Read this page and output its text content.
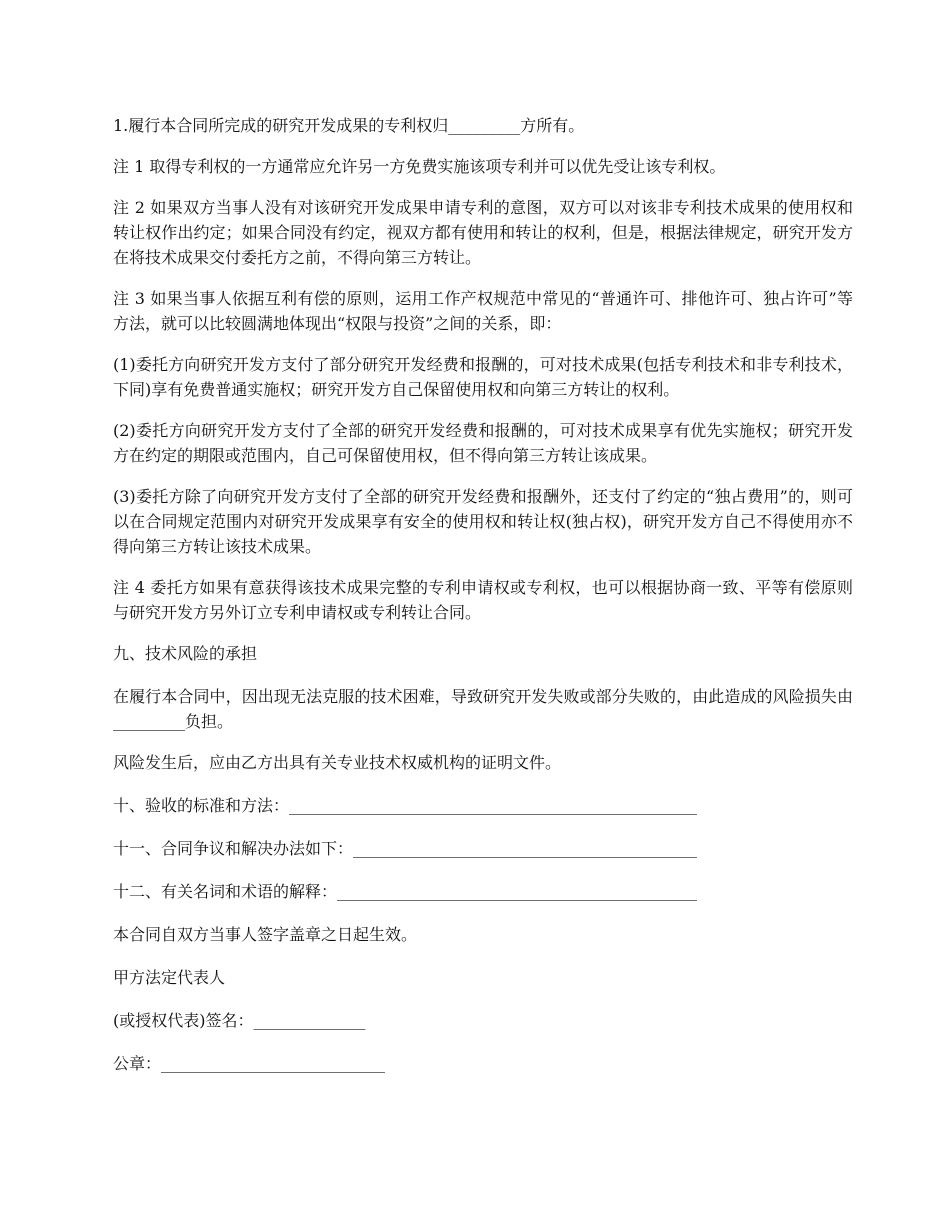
1.履行本合同所完成的研究开发成果的专利权归_________方所有。

注 1 取得专利权的一方通常应允许另一方免费实施该项专利并可以优先受让该专利权。

注 2 如果双方当事人没有对该研究开发成果申请专利的意图，双方可以对该非专利技术成果的使用权和转让权作出约定；如果合同没有约定，视双方都有使用和转让的权利，但是，根据法律规定，研究开发方在将技术成果交付委托方之前，不得向第三方转让。

注 3 如果当事人依据互利有偿的原则，运用工作产权规范中常见的“普通许可、排他许可、独占许可”等方法，就可以比较圆满地体现出“权限与投资”之间的关系，即：

(1)委托方向研究开发方支付了部分研究开发经费和报酬的，可对技术成果(包括专利技术和非专利技术，下同)享有免费普通实施权；研究开发方自己保留使用权和向第三方转让的权利。

(2)委托方向研究开发方支付了全部的研究开发经费和报酬的，可对技术成果享有优先实施权；研究开发方在约定的期限或范围内，自己可保留使用权，但不得向第三方转让该成果。

(3)委托方除了向研究开发方支付了全部的研究开发经费和报酬外，还支付了约定的“独占费用”的，则可以在合同规定范围内对研究开发成果享有安全的使用权和转让权(独占权)，研究开发方自己不得使用亦不得向第三方转让该技术成果。

注 4 委托方如果有意获得该技术成果完整的专利申请权或专利权，也可以根据协商一致、平等有偿原则与研究开发方另外订立专利申请权或专利转让合同。

九、技术风险的承担

在履行本合同中，因出现无法克服的技术困难，导致研究开发失败或部分失败的，由此造成的风险损失由_________负担。

风险发生后，应由乙方出具有关专业技术权威机构的证明文件。

十、验收的标准和方法：___________________________________________________

十一、合同争议和解决办法如下：___________________________________________

十二、有关名词和术语的解释：_____________________________________________

本合同自双方当事人签字盖章之日起生效。

甲方法定代表人

(或授权代表)签名：______________

公章：____________________________
